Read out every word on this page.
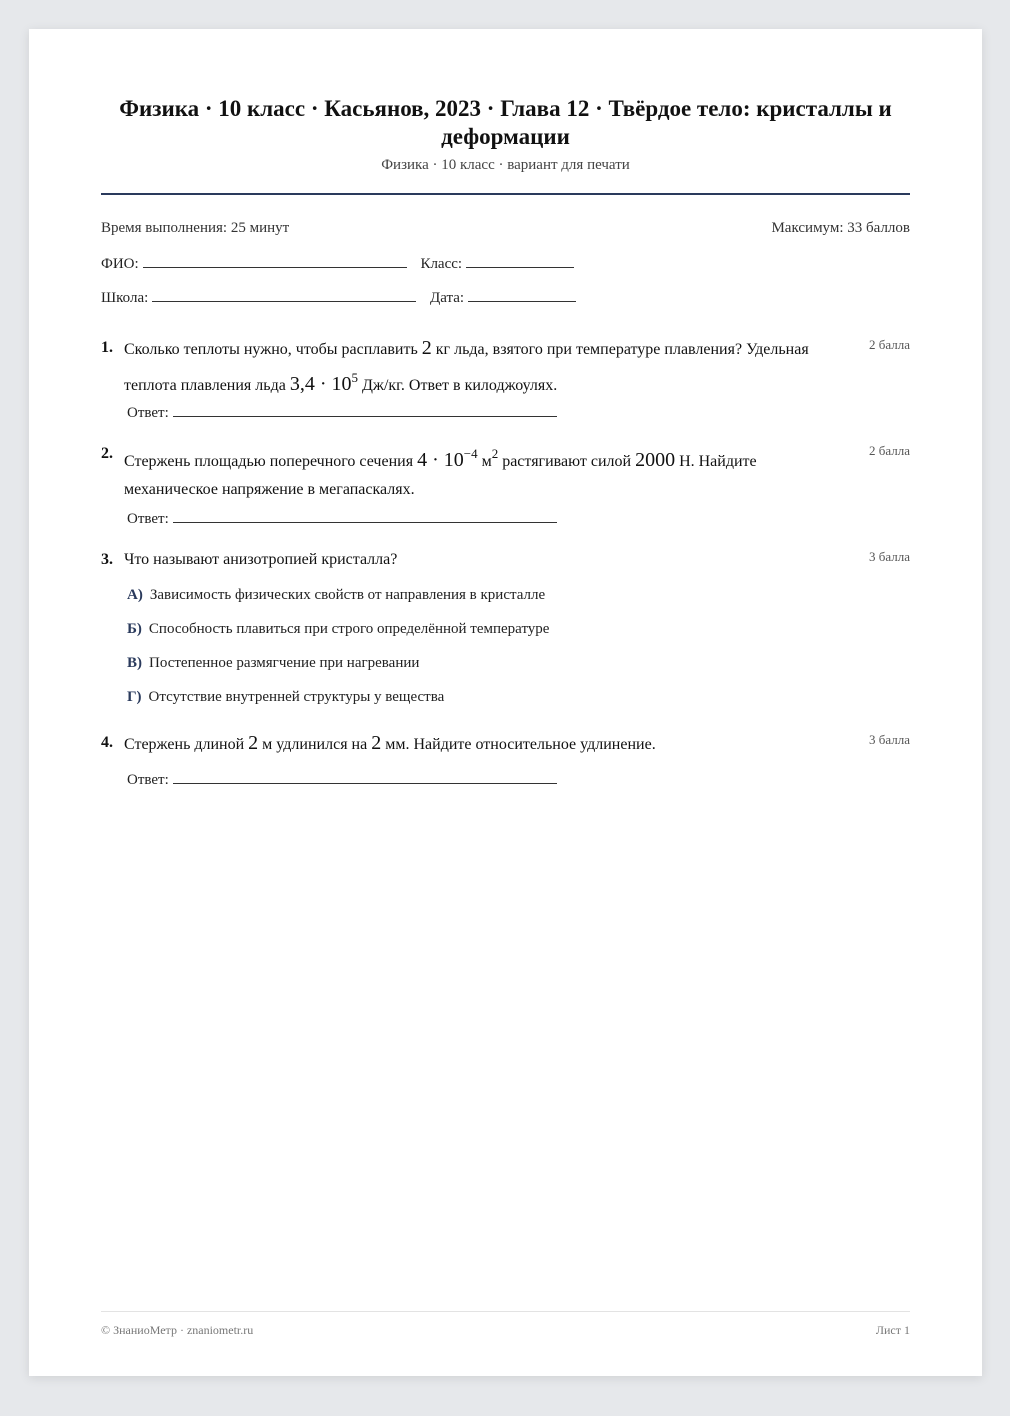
Физика · 10 класс · Касьянов, 2023 · Глава 12 · Твёрдое тело: кристаллы и деформации
Физика · 10 класс · вариант для печати
Время выполнения: 25 минут	Максимум: 33 баллов
ФИО:	Класс:
Школа:	Дата:
1. Сколько теплоты нужно, чтобы расплавить 2 кг льда, взятого при температуре плавления? Удельная теплота плавления льда $3,4 \cdot 10^5$ Дж/кг. Ответ в килоджоулях.
2 балла
Ответ:
2. Стержень площадью поперечного сечения $4 \cdot 10^{-4}$ $м^2$ растягивают силой 2000 Н. Найдите механическое напряжение в мегапаскалях.
2 балла
Ответ:
3. Что называют анизотропией кристалла?	3 балла
А) Зависимость физических свойств от направления в кристалле
Б) Способность плавиться при строго определённой температуре
В) Постепенное размягчение при нагревании
Г) Отсутствие внутренней структуры у вещества
4. Стержень длиной 2 м удлинился на 2 мм. Найдите относительное удлинение.	3 балла
Ответ:
© ЗнаниоМетр · znaniometr.ru	Лист 1
